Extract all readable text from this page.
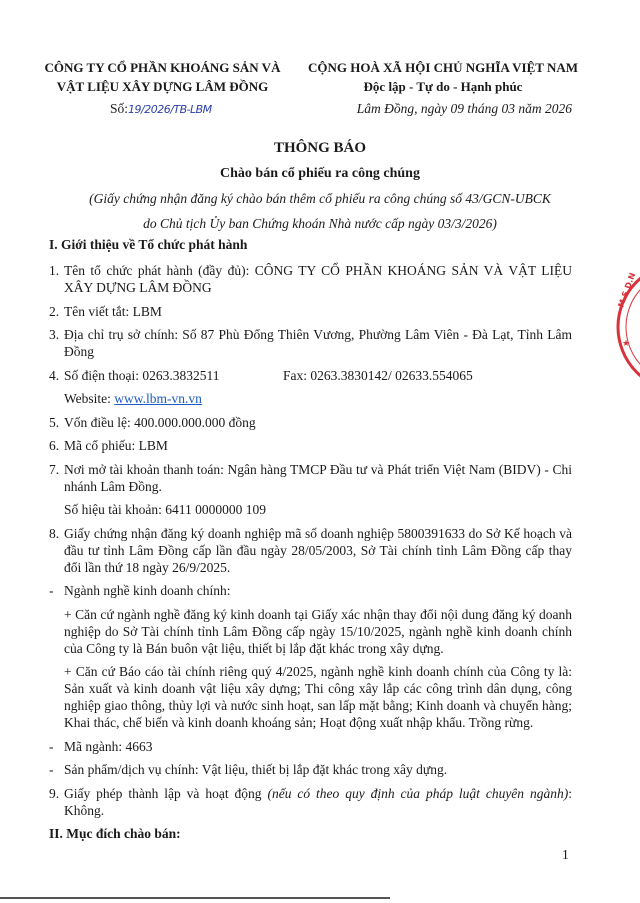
CÔNG TY CỔ PHẦN KHOÁNG SẢN VÀ
VẬT LIỆU XÂY DỰNG LÂM ĐỒNG
Số:19/2026/TB-LBM
CỘNG HOÀ XÃ HỘI CHỦ NGHĨA VIỆT NAM
Độc lập - Tự do - Hạnh phúc
Lâm Đồng, ngày 09 tháng 03 năm 2026
THÔNG BÁO
Chào bán cổ phiếu ra công chúng
(Giấy chứng nhận đăng ký chào bán thêm cổ phiếu ra công chúng số 43/GCN-UBCK
do Chủ tịch Ủy ban Chứng khoán Nhà nước cấp ngày 03/3/2026)
I. Giới thiệu về Tổ chức phát hành
1. Tên tổ chức phát hành (đầy đủ): CÔNG TY CỔ PHẦN KHOÁNG SẢN VÀ VẬT LIỆU XÂY DỰNG LÂM ĐỒNG
2. Tên viết tắt: LBM
3. Địa chỉ trụ sở chính: Số 87 Phù Đổng Thiên Vương, Phường Lâm Viên - Đà Lạt, Tỉnh Lâm Đồng
4. Số điện thoại: 0263.3832511	Fax: 0263.3830142/ 02633.554065
Website: www.lbm-vn.vn
5. Vốn điều lệ: 400.000.000.000 đồng
6. Mã cổ phiếu: LBM
7. Nơi mở tài khoản thanh toán: Ngân hàng TMCP Đầu tư và Phát triển Việt Nam (BIDV) - Chi nhánh Lâm Đồng.
Số hiệu tài khoản: 6411 0000000 109
8. Giấy chứng nhận đăng ký doanh nghiệp mã số doanh nghiệp 5800391633 do Sở Kế hoạch và đầu tư tỉnh Lâm Đồng cấp lần đầu ngày 28/05/2003, Sở Tài chính tỉnh Lâm Đồng cấp thay đổi lần thứ 18 ngày 26/9/2025.
- Ngành nghề kinh doanh chính:
+ Căn cứ ngành nghề đăng ký kinh doanh tại Giấy xác nhận thay đổi nội dung đăng ký doanh nghiệp do Sở Tài chính tỉnh Lâm Đồng cấp ngày 15/10/2025, ngành nghề kinh doanh chính của Công ty là Bán buôn vật liệu, thiết bị lắp đặt khác trong xây dựng.
+ Căn cứ Báo cáo tài chính riêng quý 4/2025, ngành nghề kinh doanh chính của Công ty là: Sản xuất và kinh doanh vật liệu xây dựng; Thi công xây lắp các công trình dân dụng, công nghiệp giao thông, thủy lợi và nước sinh hoạt, san lấp mặt bằng; Kinh doanh và chuyển hàng; Khai thác, chế biến và kinh doanh khoáng sản; Hoạt động xuất nhập khẩu. Trồng rừng.
- Mã ngành: 4663
- Sản phẩm/dịch vụ chính: Vật liệu, thiết bị lắp đặt khác trong xây dựng.
9. Giấy phép thành lập và hoạt động (nếu có theo quy định của pháp luật chuyên ngành): Không.
II. Mục đích chào bán:
1
M.S.D.N
★
